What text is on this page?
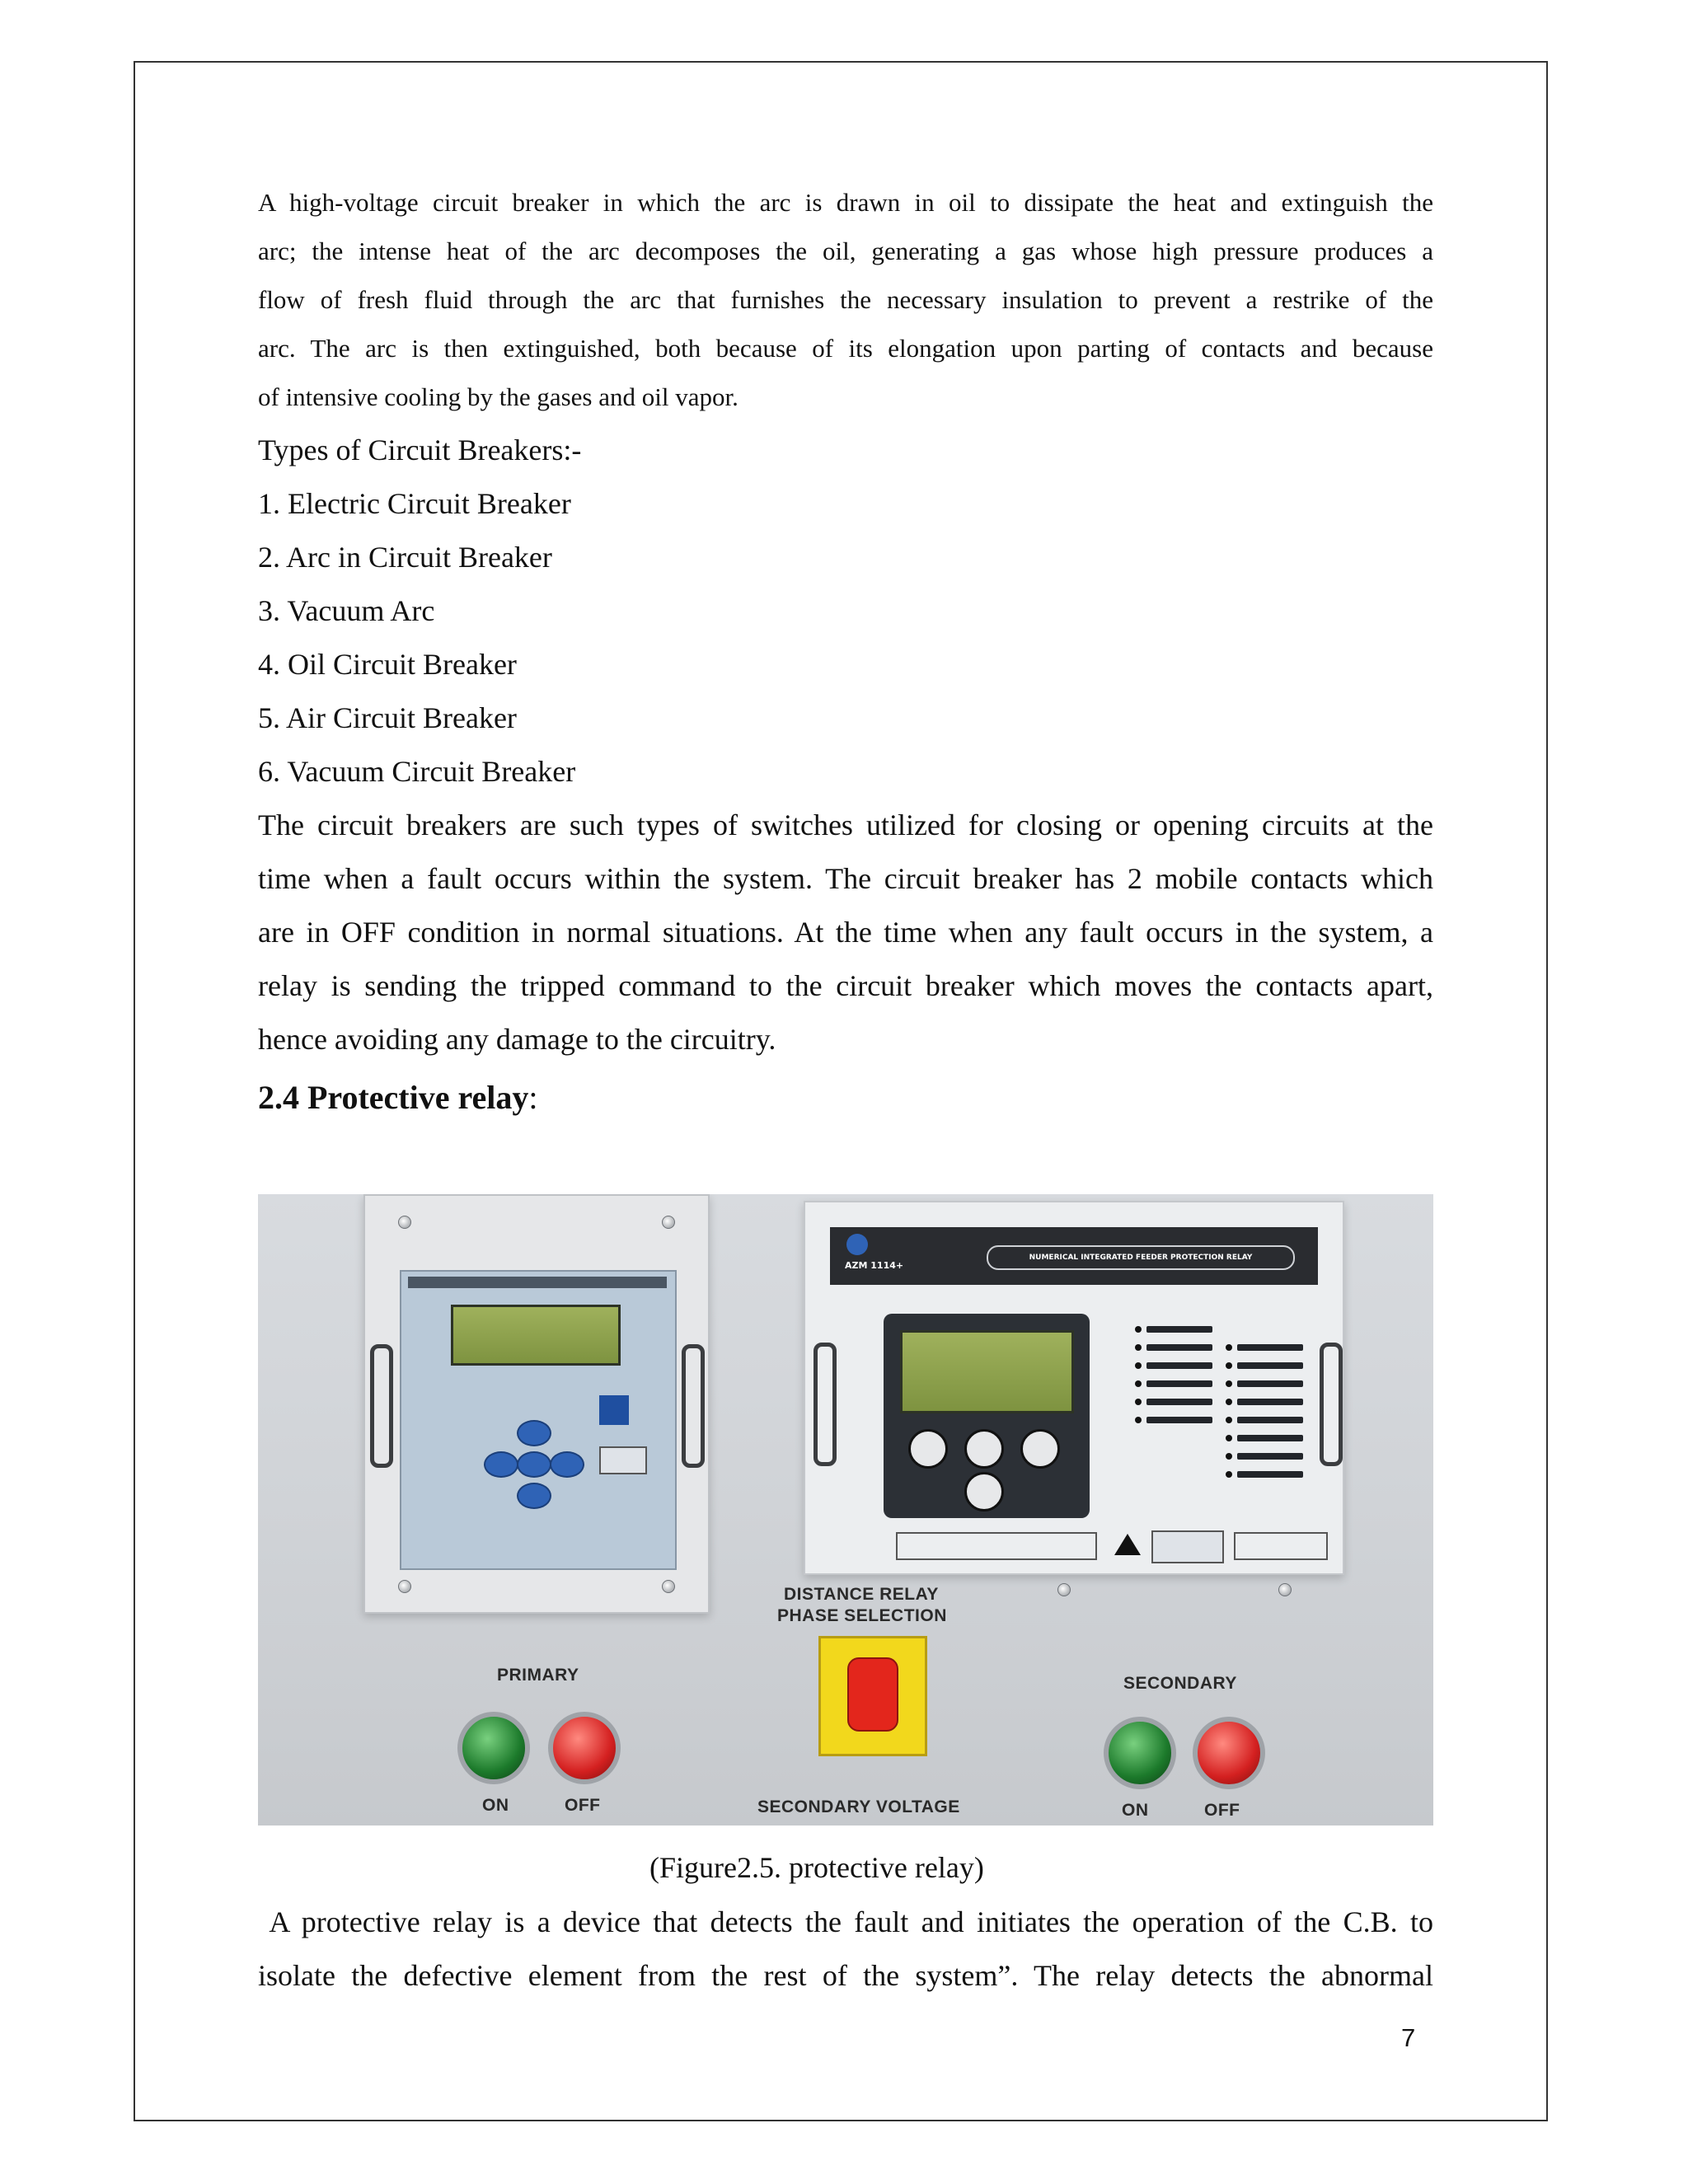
A high-voltage circuit breaker in which the arc is drawn in oil to dissipate the heat and extinguish the

arc; the intense heat of the arc decomposes the oil, generating a gas whose high pressure produces a

flow of fresh fluid through the arc that furnishes the necessary insulation to prevent a restrike of the

arc. The arc is then extinguished, both because of its elongation upon parting of contacts and because

of intensive cooling by the gases and oil vapor.

Types of Circuit Breakers:-

1. Electric Circuit Breaker

2. Arc in Circuit Breaker

3. Vacuum Arc

4. Oil Circuit Breaker

5. Air Circuit Breaker

6. Vacuum Circuit Breaker

The circuit breakers are such types of switches utilized for closing or opening circuits at the

time when a fault occurs within the system. The circuit breaker has 2 mobile contacts which

are in OFF condition in normal situations. At the time when any fault occurs in the system, a

relay is sending the tripped command to the circuit breaker which moves the contacts apart,

hence avoiding any damage to the circuitry.

2.4 Protective relay:

AZM 1114+
NUMERICAL INTEGRATED FEEDER PROTECTION RELAY
DISTANCE RELAY
PHASE SELECTION
PRIMARY	SECONDARY
ON	OFF	ON	OFF
SECONDARY VOLTAGE

(Figure2.5. protective relay)

A protective relay is a device that detects the fault and initiates the operation of the C.B. to

isolate the defective element from the rest of the system”. The relay detects the abnormal

7
